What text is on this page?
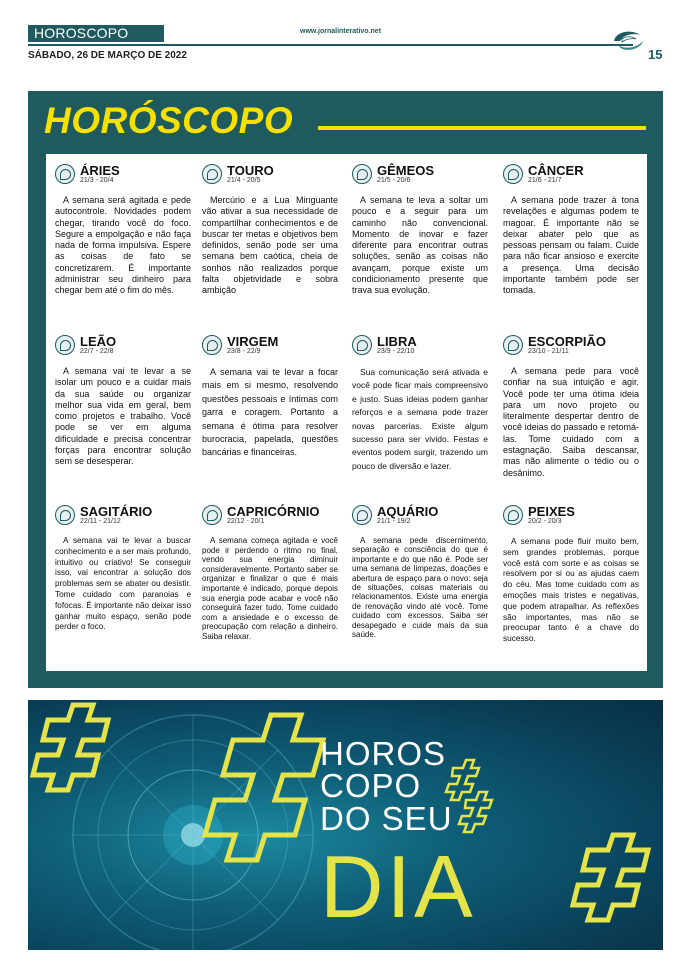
HOROSCOPO	www.jornalinterativo.net
SÁBADO, 26 DE MARÇO DE 2022	15
HORÓSCOPO
ÁRIES
21/3 - 20/4

A semana será agitada e pede autocontrole. Novidades podem chegar, tirando você do foco. Segure a empolgação e não faça nada de forma impulsiva. Espere as coisas de fato se concretizarem. É importante administrar seu dinheiro para chegar bem até o fim do mês.

TOURO
21/4 - 20/5

Mercúrio e a Lua Minguante vão ativar a sua necessidade de compartilhar conhecimentos e de buscar ter metas e objetivos bem definidos, senão pode ser uma semana bem caótica, cheia de sonhos não realizados porque falta objetividade e sobra ambição

GÊMEOS
21/5 - 20/6

A semana te leva a soltar um pouco e a seguir para um caminho não convencional. Momento de inovar e fazer diferente para encontrar outras soluções, senão as coisas não avançam, porque existe um condicionamento presente que trava sua evolução.

CÂNCER
21/6 - 21/7

A semana pode trazer à tona revelações e algumas podem te magoar. É importante não se deixar abater pelo que as pessoas pensam ou falam. Cuide para não ficar ansioso e exercite a presença. Uma decisão importante também pode ser tomada.

LEÃO
22/7 - 22/8

A semana vai te levar a se isolar um pouco e a cuidar mais da sua saúde ou organizar melhor sua vida em geral, bem como projetos e trabalho. Você pode se ver em alguma dificuldade e precisa concentrar forças para encontrar solução sem se desesperar.

VIRGEM
23/8 - 22/9

A semana vai te levar a focar mais em si mesmo, resolvendo questões pessoais e íntimas com garra e coragem. Portanto a semana é ótima para resolver burocracia, papelada, questões bancárias e financeiras.

LIBRA
23/9 - 22/10

Sua comunicação será ativada e você pode ficar mais compreensivo e justo. Suas ideias podem ganhar reforços e a semana pode trazer novas parcerias. Existe algum sucesso para ser vivido. Festas e eventos podem surgir, trazendo um pouco de diversão e lazer.

ESCORPIÃO
23/10 - 21/11

A semana pede para você confiar na sua intuição e agir. Você pode ter uma ótima ideia para um novo projeto ou literalmente despertar dentro de você ideias do passado e retomá-las. Tome cuidado com a estagnação. Saiba descansar, mas não alimente o tédio ou o desânimo.

SAGITÁRIO
22/11 - 21/12

A semana vai te levar a buscar conhecimento e a ser mais profundo, intuitivo ou criativo! Se conseguir isso, vai encontrar a solução dos problemas sem se abater ou desistir. Tome cuidado com paranoias e fofocas. É importante não deixar isso ganhar muito espaço, senão pode perder o foco.

CAPRICÓRNIO
22/12 - 20/1

A semana começa agitada e você pode ir perdendo o ritmo no final, vendo sua energia diminuir consideravelmente. Portanto saber se organizar e finalizar o que é mais importante é indicado, porque depois sua energia pode acabar e você não conseguirá fazer tudo. Tome cuidado com a ansiedade e o excesso de preocupação com relação a dinheiro. Saiba relaxar.

AQUÁRIO
21/1 - 19/2

A semana pede discernimento, separação e consciência do que é importante e do que não é. Pode ser uma semana de limpezas, doações e abertura de espaço para o novo: seja de situações, coisas materiais ou relacionamentos. Existe uma energia de renovação vindo até você. Tome cuidado com excessos. Saiba ser desapegado e cuide mais da sua saúde.

PEIXES
20/2 - 20/3

A semana pode fluir muito bem, sem grandes problemas, porque você está com sorte e as coisas se resolvem por si ou as ajudas caem do céu. Mas tome cuidado com as emoções mais tristes e negativas, que podem atrapalhar. As reflexões são importantes, mas não se preocupar tanto é a chave do sucesso.

HOROS
COPO
DO SEU
DIA
